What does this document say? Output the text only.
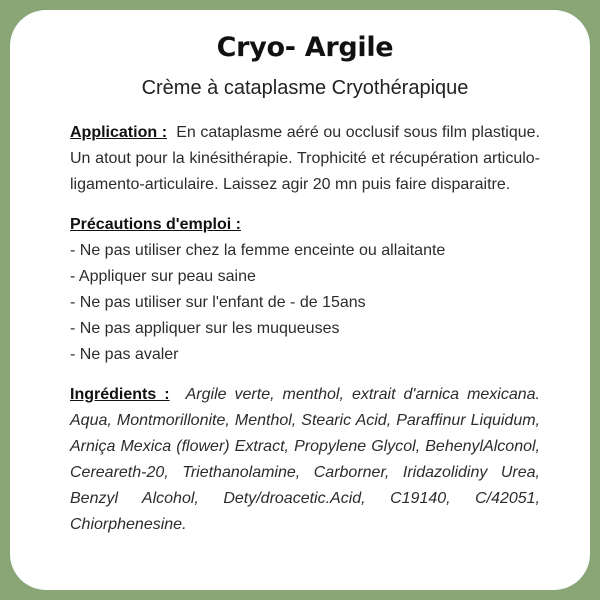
Cryo- Argile
Crème à cataplasme Cryothérapique

Application : En cataplasme aéré ou occlusif sous film plastique. Un atout pour la kinésithérapie. Trophicité et récupération articulo-ligamento-articulaire. Laissez agir 20 mn puis faire disparaitre.

Précautions d'emploi :
- Ne pas utiliser chez la femme enceinte ou allaitante
- Appliquer sur peau saine
- Ne pas utiliser sur l'enfant de - de 15ans
- Ne pas appliquer sur les muqueuses
- Ne pas avaler

Ingrédients : Argile verte, menthol, extrait d'arnica mexicana. Aqua, Montmorillonite, Menthol, Stearic Acid, Paraffinur Liquidum, Arniça Mexica (flower) Extract, Propylene Glycol, BehenylAlconol, Cereareth-20, Triethanolamine, Carborner, Iridazolidiny Urea, Benzyl Alcohol, Dety/droacetic.Acid, C19140, C/42051, Chiorphenesine.
